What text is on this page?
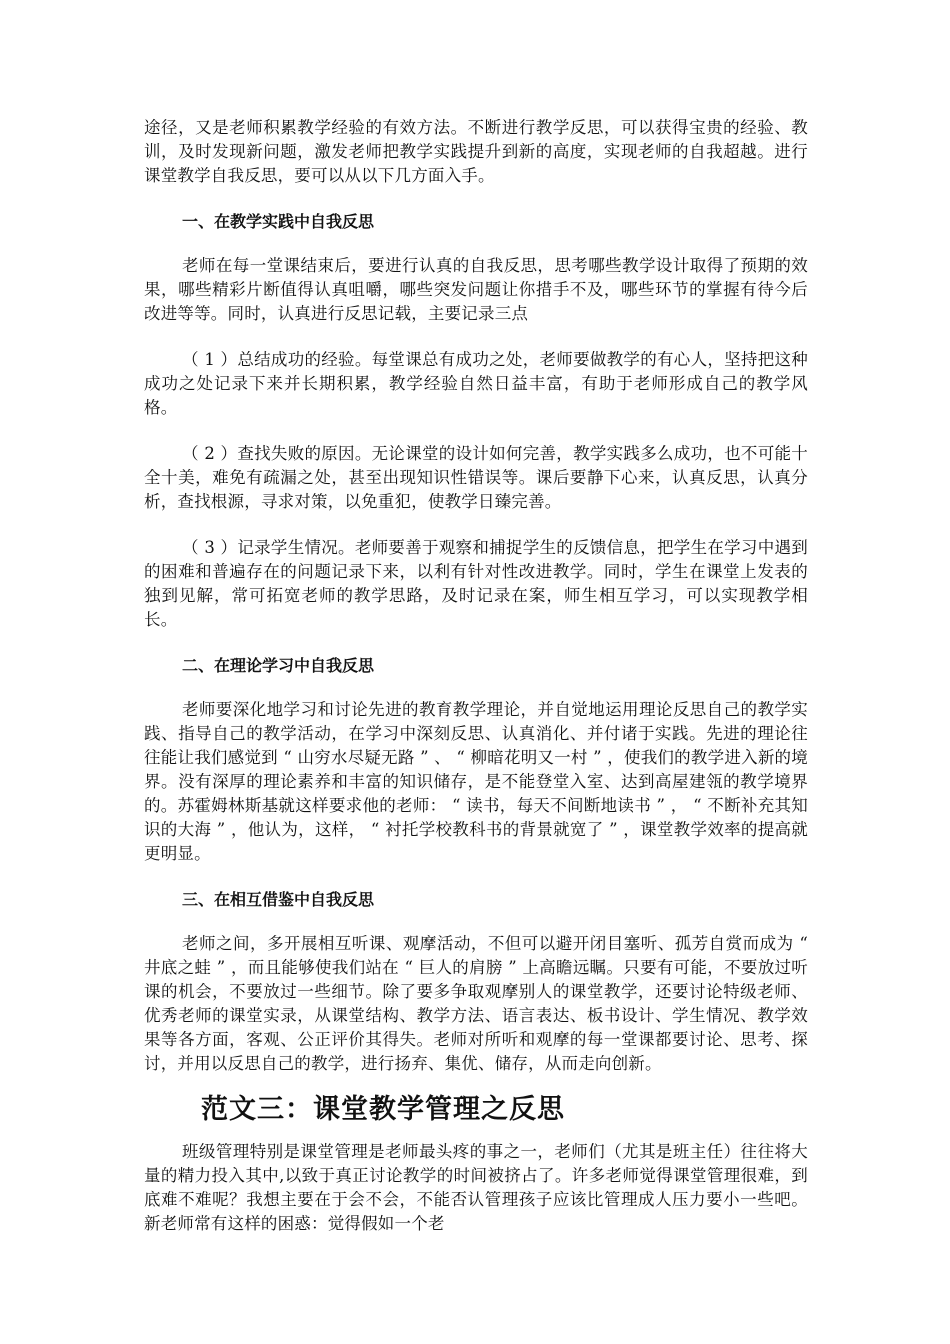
途径，又是老师积累教学经验的有效方法。不断进行教学反思，可以获得宝贵的经验、教训，及时发现新问题，激发老师把教学实践提升到新的高度，实现老师的自我超越。进行课堂教学自我反思，要可以从以下几方面入手。

一、在教学实践中自我反思

老师在每一堂课结束后，要进行认真的自我反思，思考哪些教学设计取得了预期的效果，哪些精彩片断值得认真咀嚼，哪些突发问题让你措手不及，哪些环节的掌握有待今后改进等等。同时，认真进行反思记载，主要记录三点

（ 1 ）总结成功的经验。每堂课总有成功之处，老师要做教学的有心人，坚持把这种成功之处记录下来并长期积累，教学经验自然日益丰富，有助于老师形成自己的教学风格。

（ 2 ）查找失败的原因。无论课堂的设计如何完善，教学实践多么成功，也不可能十全十美，难免有疏漏之处，甚至出现知识性错误等。课后要静下心来，认真反思，认真分析，查找根源，寻求对策，以免重犯，使教学日臻完善。

（ 3 ）记录学生情况。老师要善于观察和捕捉学生的反馈信息，把学生在学习中遇到的困难和普遍存在的问题记录下来，以利有针对性改进教学。同时，学生在课堂上发表的独到见解，常可拓宽老师的教学思路，及时记录在案，师生相互学习，可以实现教学相长。

二、在理论学习中自我反思

老师要深化地学习和讨论先进的教育教学理论，并自觉地运用理论反思自己的教学实践、指导自己的教学活动，在学习中深刻反思、认真消化、并付诸于实践。先进的理论往往能让我们感觉到 “ 山穷水尽疑无路 ” 、 “ 柳暗花明又一村 ” ，使我们的教学进入新的境界。没有深厚的理论素养和丰富的知识储存，是不能登堂入室、达到高屋建瓴的教学境界的。苏霍姆林斯基就这样要求他的老师： “ 读书，每天不间断地读书 ” ， “ 不断补充其知识的大海 ” ，他认为，这样， “ 衬托学校教科书的背景就宽了 ” ，课堂教学效率的提高就更明显。

三、在相互借鉴中自我反思

老师之间，多开展相互听课、观摩活动，不但可以避开闭目塞听、孤芳自赏而成为 “ 井底之蛙 ” ，而且能够使我们站在 “ 巨人的肩膀 ” 上高瞻远瞩。只要有可能，不要放过听课的机会，不要放过一些细节。除了要多争取观摩别人的课堂教学，还要讨论特级老师、优秀老师的课堂实录，从课堂结构、教学方法、语言表达、板书设计、学生情况、教学效果等各方面，客观、公正评价其得失。老师对所听和观摩的每一堂课都要讨论、思考、探讨，并用以反思自己的教学，进行扬弃、集优、储存，从而走向创新。

范文三：课堂教学管理之反思

班级管理特别是课堂管理是老师最头疼的事之一，老师们（尤其是班主任）往往将大量的精力投入其中,以致于真正讨论教学的时间被挤占了。许多老师觉得课堂管理很难，到底难不难呢？我想主要在于会不会，不能否认管理孩子应该比管理成人压力要小一些吧。 新老师常有这样的困惑：觉得假如一个老
